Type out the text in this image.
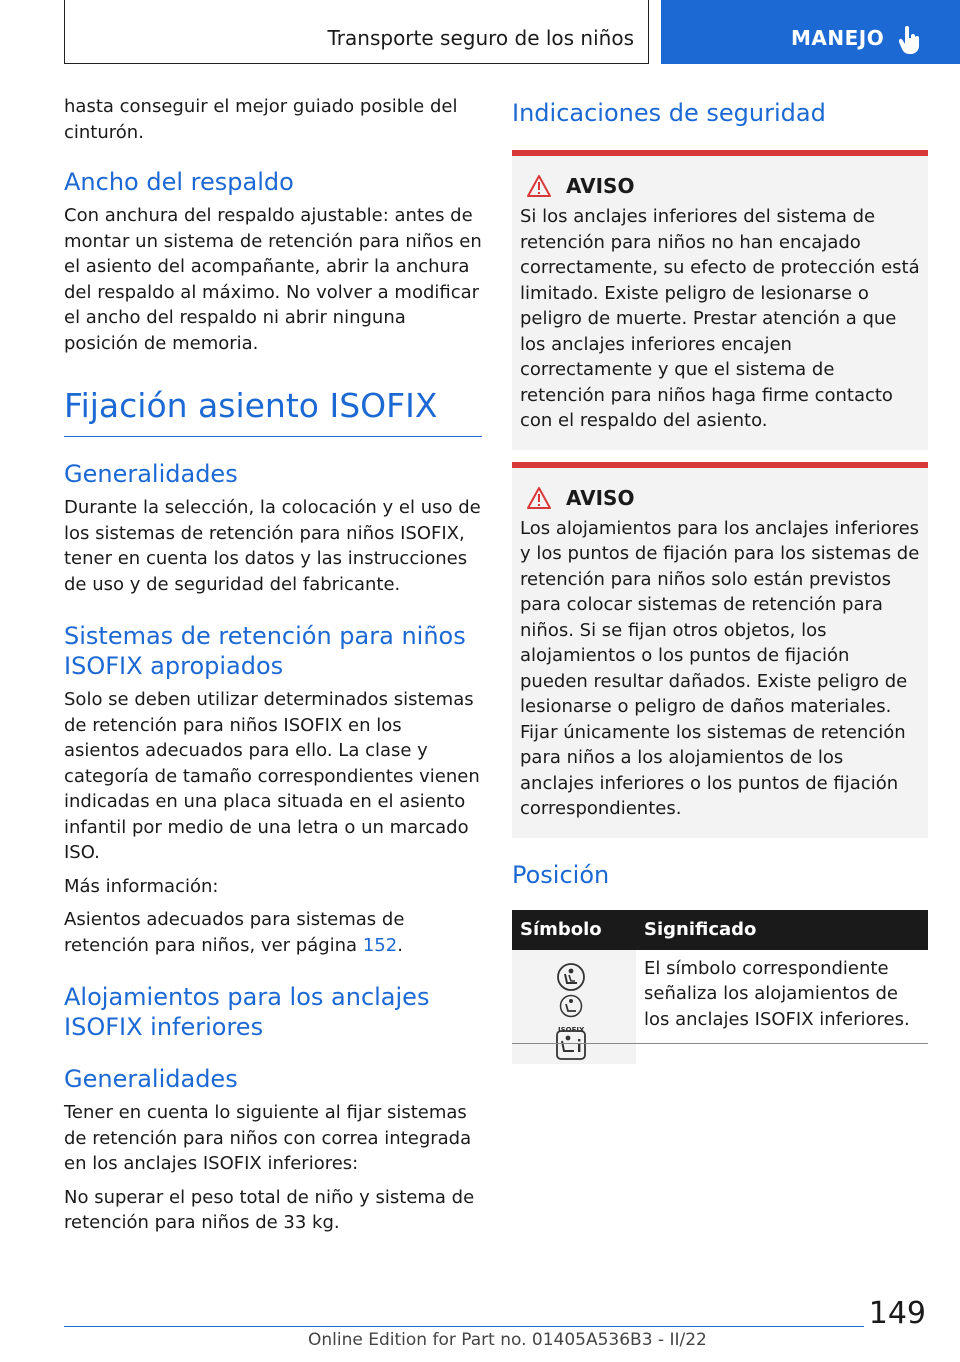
Transporte seguro de los niños	MANEJO

hasta conseguir el mejor guiado posible del cinturón.

Ancho del respaldo

Con anchura del respaldo ajustable: antes de montar un sistema de retención para niños en el asiento del acompañante, abrir la anchura del respaldo al máximo. No volver a modificar el ancho del respaldo ni abrir ninguna posición de memoria.

Fijación asiento ISOFIX
Generalidades

Durante la selección, la colocación y el uso de los sistemas de retención para niños ISOFIX, tener en cuenta los datos y las instrucciones de uso y de seguridad del fabricante.

Sistemas de retención para niños ISOFIX apropiados

Solo se deben utilizar determinados sistemas de retención para niños ISOFIX en los asientos adecuados para ello. La clase y categoría de tamaño correspondientes vienen indicadas en una placa situada en el asiento infantil por medio de una letra o un marcado ISO.

Más información:

Asientos adecuados para sistemas de retención para niños, ver página 152.

Alojamientos para los anclajes ISOFIX inferiores
Generalidades

Tener en cuenta lo siguiente al fijar sistemas de retención para niños con correa integrada en los anclajes ISOFIX inferiores:

No superar el peso total de niño y sistema de retención para niños de 33 kg.

Indicaciones de seguridad
AVISO

Si los anclajes inferiores del sistema de retención para niños no han encajado correctamente, su efecto de protección está limitado. Existe peligro de lesionarse o peligro de muerte. Prestar atención a que los anclajes inferiores encajen correctamente y que el sistema de retención para niños haga firme contacto con el respaldo del asiento.

AVISO

Los alojamientos para los anclajes inferiores y los puntos de fijación para los sistemas de retención para niños solo están previstos para colocar sistemas de retención para niños. Si se fijan otros objetos, los alojamientos o los puntos de fijación pueden resultar dañados. Existe peligro de lesionarse o peligro de daños materiales. Fijar únicamente los sistemas de retención para niños a los alojamientos de los anclajes inferiores o los puntos de fijación correspondientes.

Posición
Símbolo	Significado

ISOFIX	El símbolo correspondiente señaliza los alojamientos de los anclajes ISOFIX inferiores.
149
Online Edition for Part no. 01405A536B3 - II/22
